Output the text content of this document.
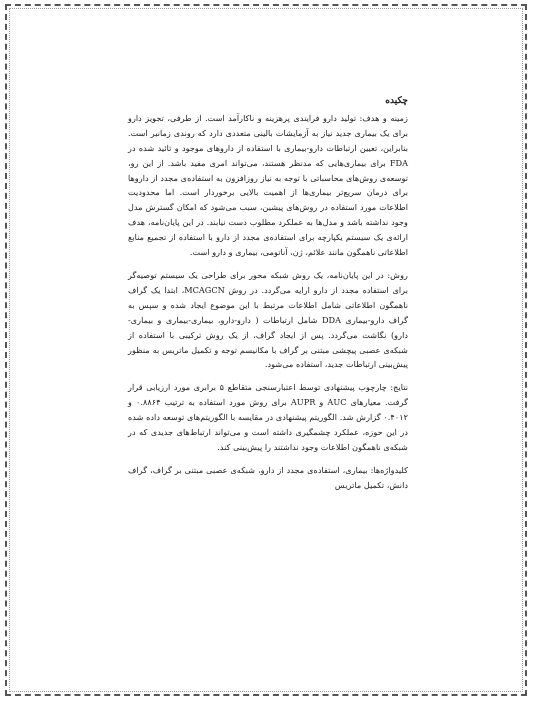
چکیده

زمینه و هدف: تولید دارو فرایندی پرهزینه و ناکارآمد است. از طرفی، تجویز دارو برای یک بیماری جدید نیاز به آزمایشات بالینی متعددی دارد که روندی زمانبر است. بنابراین، تعیین ارتباطات دارو-بیماری با استفاده از داروهای موجود و تائید شده در FDA برای بیماری‌هایی که مدنظر هستند، می‌تواند امری مفید باشد. از این رو، توسعه‌ی روش‌های محاسباتی با توجه به نیاز روزافزون به استفاده‌ی مجدد از داروها برای درمان سریع‌تر بیماری‌ها از اهمیت بالایی برخوردار است. اما محدودیت اطلاعات مورد استفاده در روش‌های پیشین، سبب می‌شود که امکان گسترش مدل وجود نداشته باشد و مدل‌ها به عملکرد مطلوب دست نیابند. در این پایان‌نامه، هدف ارائه‌ی یک سیستم یکپارچه برای استفاده‌ی مجدد از دارو با استفاده از تجمیع منابع اطلاعاتی ناهمگون مانند علائم، ژن، آناتومی، بیماری و دارو است.

روش: در این پایان‌نامه، یک روش شبکه محور برای طراحی یک سیستم توصیه‌گر برای استفاده مجدد از دارو ارایه می‌گردد. در روش MCAGCN، ابتدا یک گراف ناهمگون اطلاعاتی شامل اطلاعات مرتبط با این موضوع ایجاد شده و سپس به گراف دارو-بیماری DDA شامل ارتباطات ( دارو-دارو، بیماری-بیماری و بیماری- دارو) نگاشت می‌گردد. پس از ایجاد گراف، از یک روش ترکیبی با استفاده از شبکه‌ی عصبی پیچشی مبتنی بر گراف با مکانیسم توجه و تکمیل ماتریس به منظور پیش‌بینی ارتباطات جدید، استفاده می‌شود.

نتایج: چارچوب پیشنهادی توسط اعتبارسنجی متقاطع ۵ برابری مورد ارزیابی قرار گرفت. معیارهای AUC و AUPR برای روش مورد استفاده به ترتیب ۰.۸۸۶۴ و ۰.۴۰۱۲ گزارش شد. الگوریتم پیشنهادی در مقایسه با الگوریتم‌های توسعه داده شده در این حوزه، عملکرد چشمگیری داشته است و می‌تواند ارتباط‌های جدیدی که در شبکه‌ی ناهمگون اطلاعات وجود نداشتند را پیش‌بینی کند.

کلیدواژه‌ها: بیماری، استفاده‌ی مجدد از دارو، شبکه‌ی عصبی مبتنی بر گراف، گراف دانش، تکمیل ماتریس
